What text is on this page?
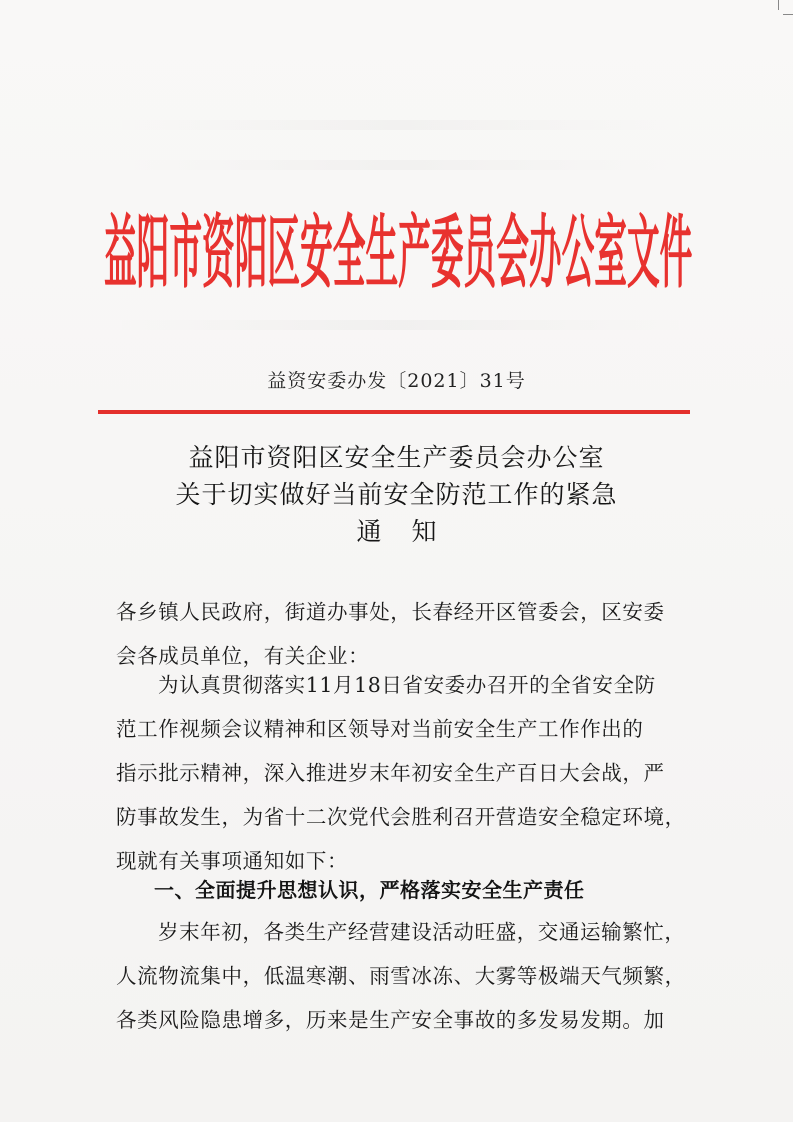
益阳市资阳区安全生产委员会办公室文件
益资安委办发〔2021〕31号
益阳市资阳区安全生产委员会办公室
关于切实做好当前安全防范工作的紧急
通知
各乡镇人民政府，街道办事处，长春经开区管委会，区安委
会各成员单位，有关企业：
为认真贯彻落实11月18日省安委办召开的全省安全防
范工作视频会议精神和区领导对当前安全生产工作作出的
指示批示精神，深入推进岁末年初安全生产百日大会战，严
防事故发生，为省十二次党代会胜利召开营造安全稳定环境，
现就有关事项通知如下：
一、全面提升思想认识，严格落实安全生产责任
岁末年初，各类生产经营建设活动旺盛，交通运输繁忙，
人流物流集中，低温寒潮、雨雪冰冻、大雾等极端天气频繁，
各类风险隐患增多，历来是生产安全事故的多发易发期。加
